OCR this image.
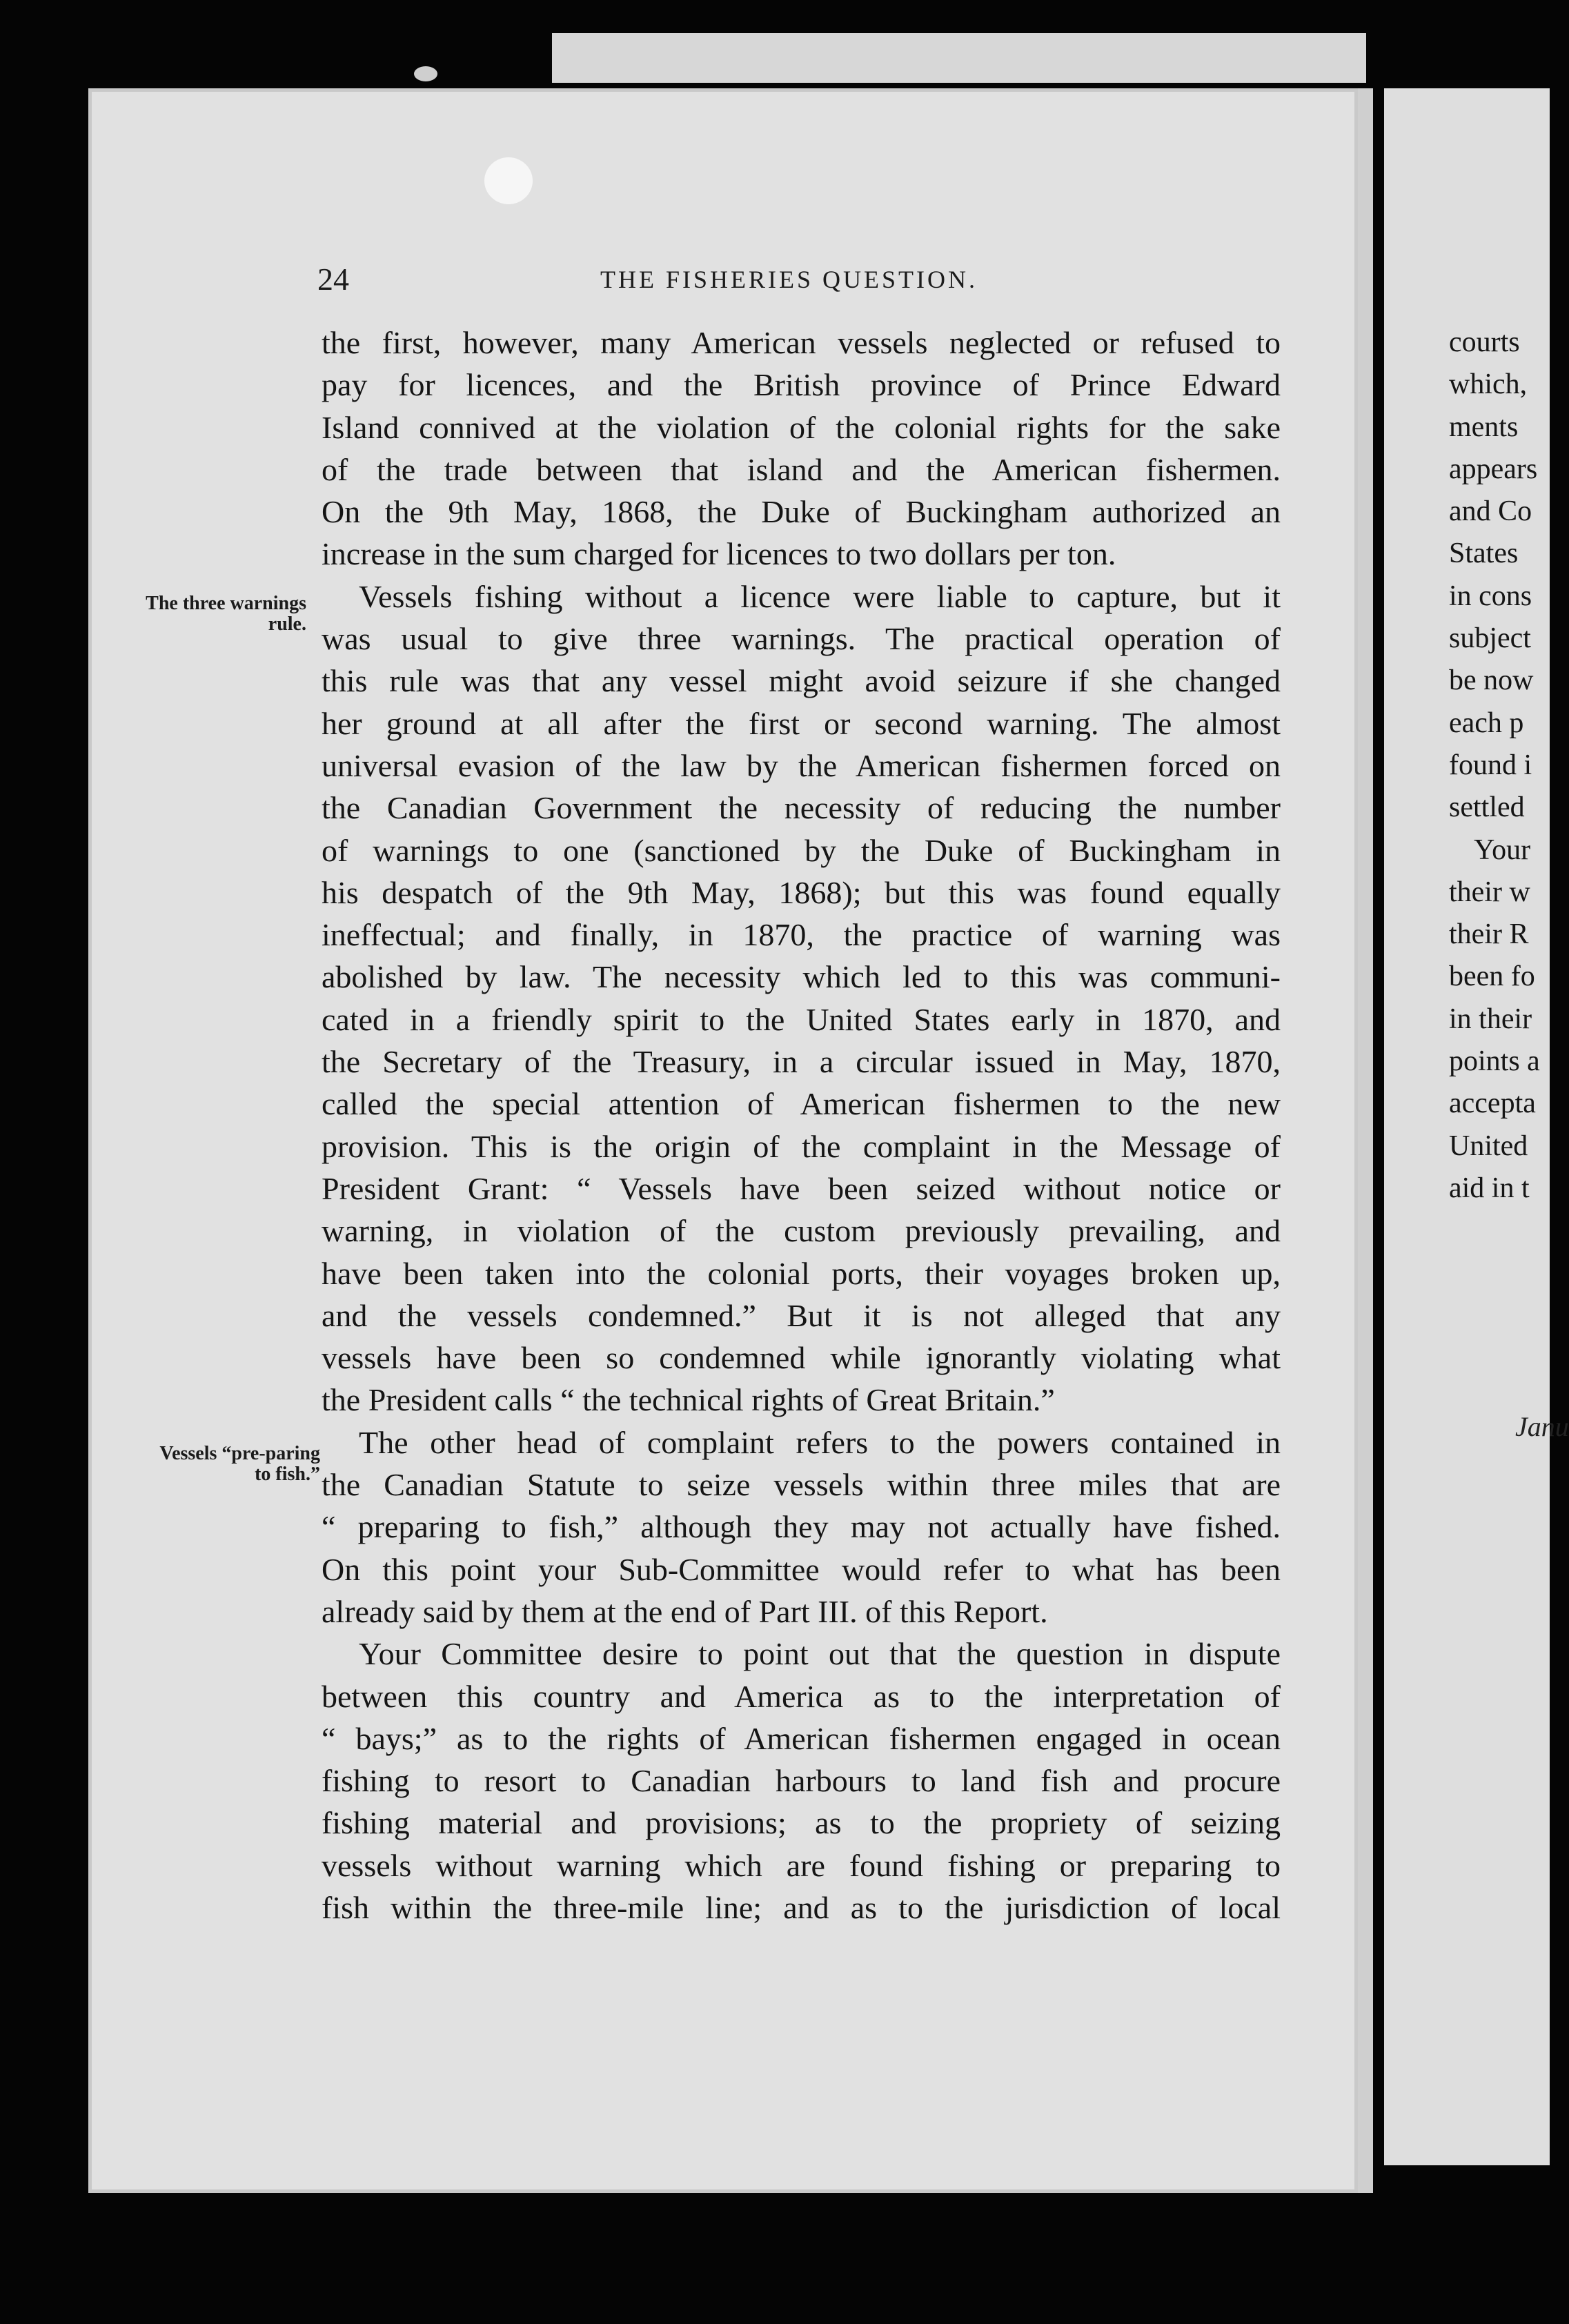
24	THE FISHERIES QUESTION.
The three warnings rule.
Vessels “pre-paring to fish.”
the first, however, many American vessels neglected or refused to
pay for licences, and the British province of Prince Edward
Island connived at the violation of the colonial rights for the sake
of the trade between that island and the American fishermen.
On the 9th May, 1868, the Duke of Buckingham authorized an
increase in the sum charged for licences to two dollars per ton.
Vessels fishing without a licence were liable to capture, but it
was usual to give three warnings. The practical operation of
this rule was that any vessel might avoid seizure if she changed
her ground at all after the first or second warning. The almost
universal evasion of the law by the American fishermen forced on
the Canadian Government the necessity of reducing the number
of warnings to one (sanctioned by the Duke of Buckingham in
his despatch of the 9th May, 1868); but this was found equally
ineffectual; and finally, in 1870, the practice of warning was
abolished by law. The necessity which led to this was communi-
cated in a friendly spirit to the United States early in 1870, and
the Secretary of the Treasury, in a circular issued in May, 1870,
called the special attention of American fishermen to the new
provision. This is the origin of the complaint in the Message of
President Grant: “ Vessels have been seized without notice or
warning, in violation of the custom previously prevailing, and
have been taken into the colonial ports, their voyages broken up,
and the vessels condemned.” But it is not alleged that any
vessels have been so condemned while ignorantly violating what
the President calls “ the technical rights of Great Britain.”
The other head of complaint refers to the powers contained in
the Canadian Statute to seize vessels within three miles that are
“ preparing to fish,” although they may not actually have fished.
On this point your Sub-Committee would refer to what has been
already said by them at the end of Part III. of this Report.
Your Committee desire to point out that the question in dispute
between this country and America as to the interpretation of
“ bays;” as to the rights of American fishermen engaged in ocean
fishing to resort to Canadian harbours to land fish and procure
fishing material and provisions; as to the propriety of seizing
vessels without warning which are found fishing or preparing to
fish within the three-mile line; and as to the jurisdiction of local
courts
which,
ments
appears
and Co
States
in cons
subject
be now
each p
found i
settled
Your
their w
their R
been fo
in their
points a
accepta
United
aid in t
Janu
